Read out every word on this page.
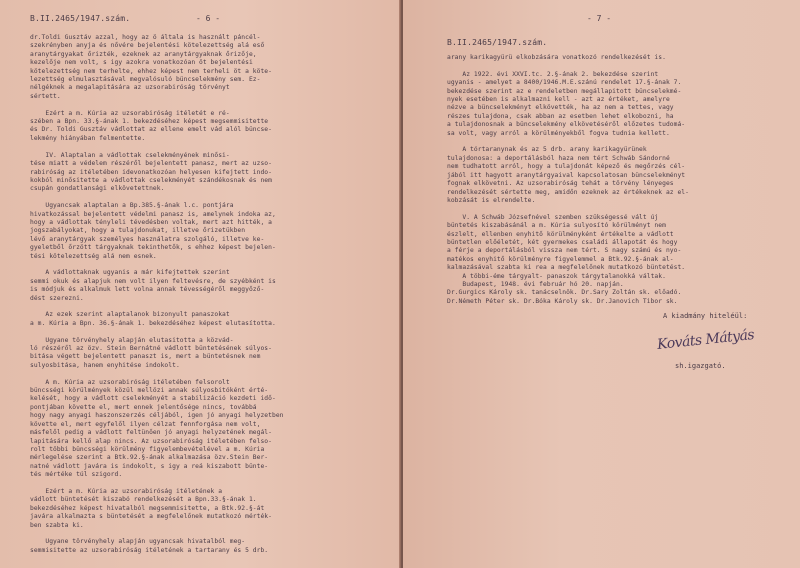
B.II.2465/1947.szám.	- 6 -
dr.Toldi Gusztáv azzal, hogy az ö általa is használt páncél-
szekrényben anyja és nővére bejelentési kötelezettség alá eső
aranytárgyakat őrizték, ezeknek az aranytárgyaknak őrizője,
kezelője nem volt, s igy azokra vonatkozóan öt bejelentési
kötelezettség nem terhelte, ehhez képest nem terheli öt a köte-
lezettség elmulasztásával megvalósuló büncselekmény sem. Ez-
nélgéknek a megalapitására az uzsorabiróság törvényt
sértett.

Ezért a m. Kúria az uzsorabiróság itéletét e ré-
szében a Bpn. 33.§-ának 1. bekezdéséhez képest megsemmisitette
és Dr. Toldi Gusztáv vádlottat az ellene emelt vád alól büncse-
lekmény hiányában felmentette.

IV. Alaptalan a vádlottak cselekményének minősi-
tése miatt a védelem részéről bejelentett panasz, mert az uzso-
rabiróság az itéletében idevonatkozóan helyesen kifejtett indo-
kokból minősitette a vádlottak cselekményét szándékosnak és nem
csupán gondatlansági elkövetettnek.

Ugyancsak alaptalan a Bp.385.§-ának l.c. pontjára
hivatkozással bejelentett védelmi panasz is, amelynek indoka az,
hogy a vádlottak tényleli tévedésben voltak, mert azt hitték, a
jogszabályokat, hogy a tulajdonukat, illetve őrizetükben
lévő aranytárgyak személyes használatra szolgáló, illetve ke-
gyeletből őrzött tárgyaknak tekinthetők, s ehhez képest bejelen-
tési kötelezettség alá nem esnek.

A vádlottaknak ugyanis a már kifejtettek szerint
semmi okuk és alapjuk nem volt ilyen feltevésre, de szyébként is
is módjuk és alkalmuk lett volna annak tévességéről meggyőző-
dést szerezni.

Az ezek szerint alaptalanok bizonyult panaszokat
a m. Kúria a Bpn. 36.§-ának 1. bekezdéséhez képest elutasította.

Ugyane törvényhely alapján elutasitotta a közvád-
ló részéről az özv. Stein Bernátné vádlott büntetésének súlyos-
bitása végett bejelentett panaszt is, mert a büntetésnek nem
sulyosbitása, hanem enyhitése indokolt.

A m. Kúria az uzsorabiróság itéletében felsorolt
büncsségi körülmények közül mellözi annak súlyosbitóként érté-
kelését, hogy a vádlott cselekményét a stabilizáció kezdeti idő-
pontjában követte el, mert ennek jelentősége nincs, továbbá
hogy nagy anyagi haszonszerzés céljából, igen jó anyagi helyzetben
követte el, mert egyfelől ilyen célzat fennforgása nem volt,
másfelől pedig a vádlott feltünően jó anyagi helyzetének megál-
lapitására kellő alap nincs. Az uzsorabiróság itéletében felso-
rolt többi büncsségi körülmény figyelembevételével a m. Kúria
mérlegelése szerint a Btk.92.§-ának alkalmazása özv.Stein Ber-
natné vádlott javára is indokolt, s igy a reá kiszabott bünte-
tés mértéke túl szigord.

Ezért a m. Kúria az uzsorabiróság itéletének a
vádlott büntetését kiszabó rendelkezését a Bpn.33.§-ának 1.
bekezdéséhez képest hivatalból megsemmisitette, a Btk.92.§-át
javára alkalmazta s büntetését a megfelelőnek mutatkozó mérték-
ben szabta ki.

Ugyane törvényhely alapján ugyancsak hivatalból meg-
semmisitette az uzsorabiróság itéletének a tartarany és 5 drb.
B.II.2465/1947.szám.
- 7 -
arany karikagyürü elkobzására vonatkozó rendelkezését is.

Az 1922. évi XXVI.tc. 2.§-ának 2. bekezdése szerint
ugyanis - amelyet a 8400/1946.M.E.szánú rendelet 17.§-ának 7.
bekezdése szerint az e rendeletben megállapitott büncselekmé-
nyek esetében is alkalmazni kell - azt az értéket, amelyre
nézve a büncselekményt elkövették, ha az nem a tettes, vagy
részes tulajdona, csak abban az esetben lehet elkobozni, ha
a tulajdonosnak a büncselekmény elkövetéséről előzetes tudomá-
sa volt, vagy arról a körülményekből fogva tudnia kellett.

A tórtaranynak és az 5 drb. arany karikagyürünek
tulajdonosa: a deportálásból haza nem tért Schwáb Sándorné
nem tudhatott arról, hogy a tulajdonát képező és megőrzés cél-
jából itt hagyott aranytárgyaival kapcsolatosan büncselekményt
fognak elkövetni. Az uzsorabiróság tehát a törvény lényeges
rendelkezését sértette meg, amidőn ezeknek az értékeknek az el-
kobzását is elrendelte.

V. A Schwáb Józsefnével szemben szükségessé vált új
büntetés kiszabásánál a m. Kúria sulyosító körülményt nem
észlelt, ellenben enyhitő körülményként értékelte a vádlott
büntetlen előéletét, két gyermekes családi állapotát és hogy
a férje a deportálásból vissza nem tért. S nagy számú és nyo-
matékos enyhitő körülményre figyelemmel a Btk.92.§-ának al-
kalmazásával szabta ki rea a megfelelőnek mutatkozó büntetést.
A többi-éme tárgyalt- panaszok tárgytalanokká váltak.
Budapest, 1948. évi február hó 20. napján.
Dr.Gurgics Károly sk. tanácselnök. Dr.Sary Zoltán sk. előadó.
Dr.Németh Péter sk. Dr.Bóka Károly sk. Dr.Janovich Tibor sk.
A kiadmány hiteléül:
Kováts Mátyás
sh.igazgató.
